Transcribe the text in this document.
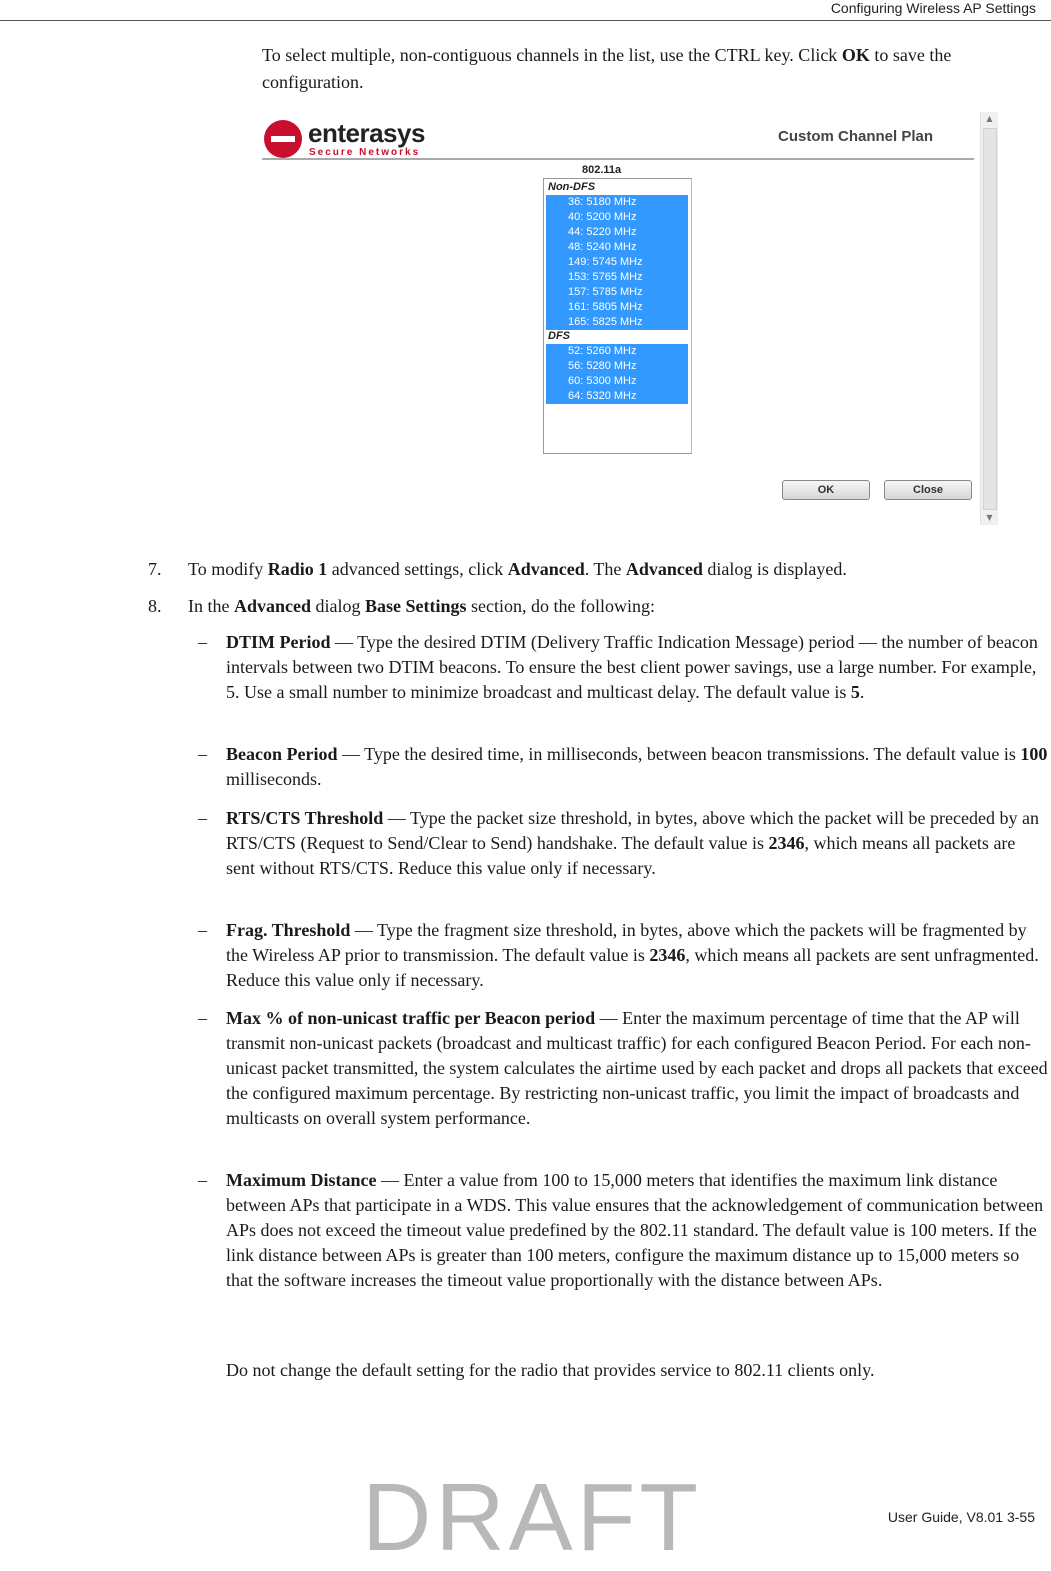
Configuring Wireless AP Settings

To select multiple, non-contiguous channels in the list, use the CTRL key. Click OK to save the configuration.

enterasys
Secure Networks
Custom Channel Plan
802.11a
Non-DFS
36: 5180 MHz
40: 5200 MHz
44: 5220 MHz
48: 5240 MHz
149: 5745 MHz
153: 5765 MHz
157: 5785 MHz
161: 5805 MHz
165: 5825 MHz
DFS
52: 5260 MHz
56: 5280 MHz
60: 5300 MHz
64: 5320 MHz
OK	Close
▲
▼
7. To modify Radio 1 advanced settings, click Advanced. The Advanced dialog is displayed.
8. In the Advanced dialog Base Settings section, do the following:
– DTIM Period — Type the desired DTIM (Delivery Traffic Indication Message) period — the number of beacon intervals between two DTIM beacons. To ensure the best client power savings, use a large number. For example, 5. Use a small number to minimize broadcast and multicast delay. The default value is 5.
– Beacon Period — Type the desired time, in milliseconds, between beacon transmissions. The default value is 100 milliseconds.
– RTS/CTS Threshold — Type the packet size threshold, in bytes, above which the packet will be preceded by an RTS/CTS (Request to Send/Clear to Send) handshake. The default value is 2346, which means all packets are sent without RTS/CTS. Reduce this value only if necessary.
– Frag. Threshold — Type the fragment size threshold, in bytes, above which the packets will be fragmented by the Wireless AP prior to transmission. The default value is 2346, which means all packets are sent unfragmented. Reduce this value only if necessary.
– Max % of non-unicast traffic per Beacon period — Enter the maximum percentage of time that the AP will transmit non-unicast packets (broadcast and multicast traffic) for each configured Beacon Period. For each non-unicast packet transmitted, the system calculates the airtime used by each packet and drops all packets that exceed the configured maximum percentage. By restricting non-unicast traffic, you limit the impact of broadcasts and multicasts on overall system performance.
– Maximum Distance — Enter a value from 100 to 15,000 meters that identifies the maximum link distance between APs that participate in a WDS. This value ensures that the acknowledgement of communication between APs does not exceed the timeout value predefined by the 802.11 standard. The default value is 100 meters. If the link distance between APs is greater than 100 meters, configure the maximum distance up to 15,000 meters so that the software increases the timeout value proportionally with the distance between APs.
Do not change the default setting for the radio that provides service to 802.11 clients only.
User Guide, V8.01 3-55
DRAFT
